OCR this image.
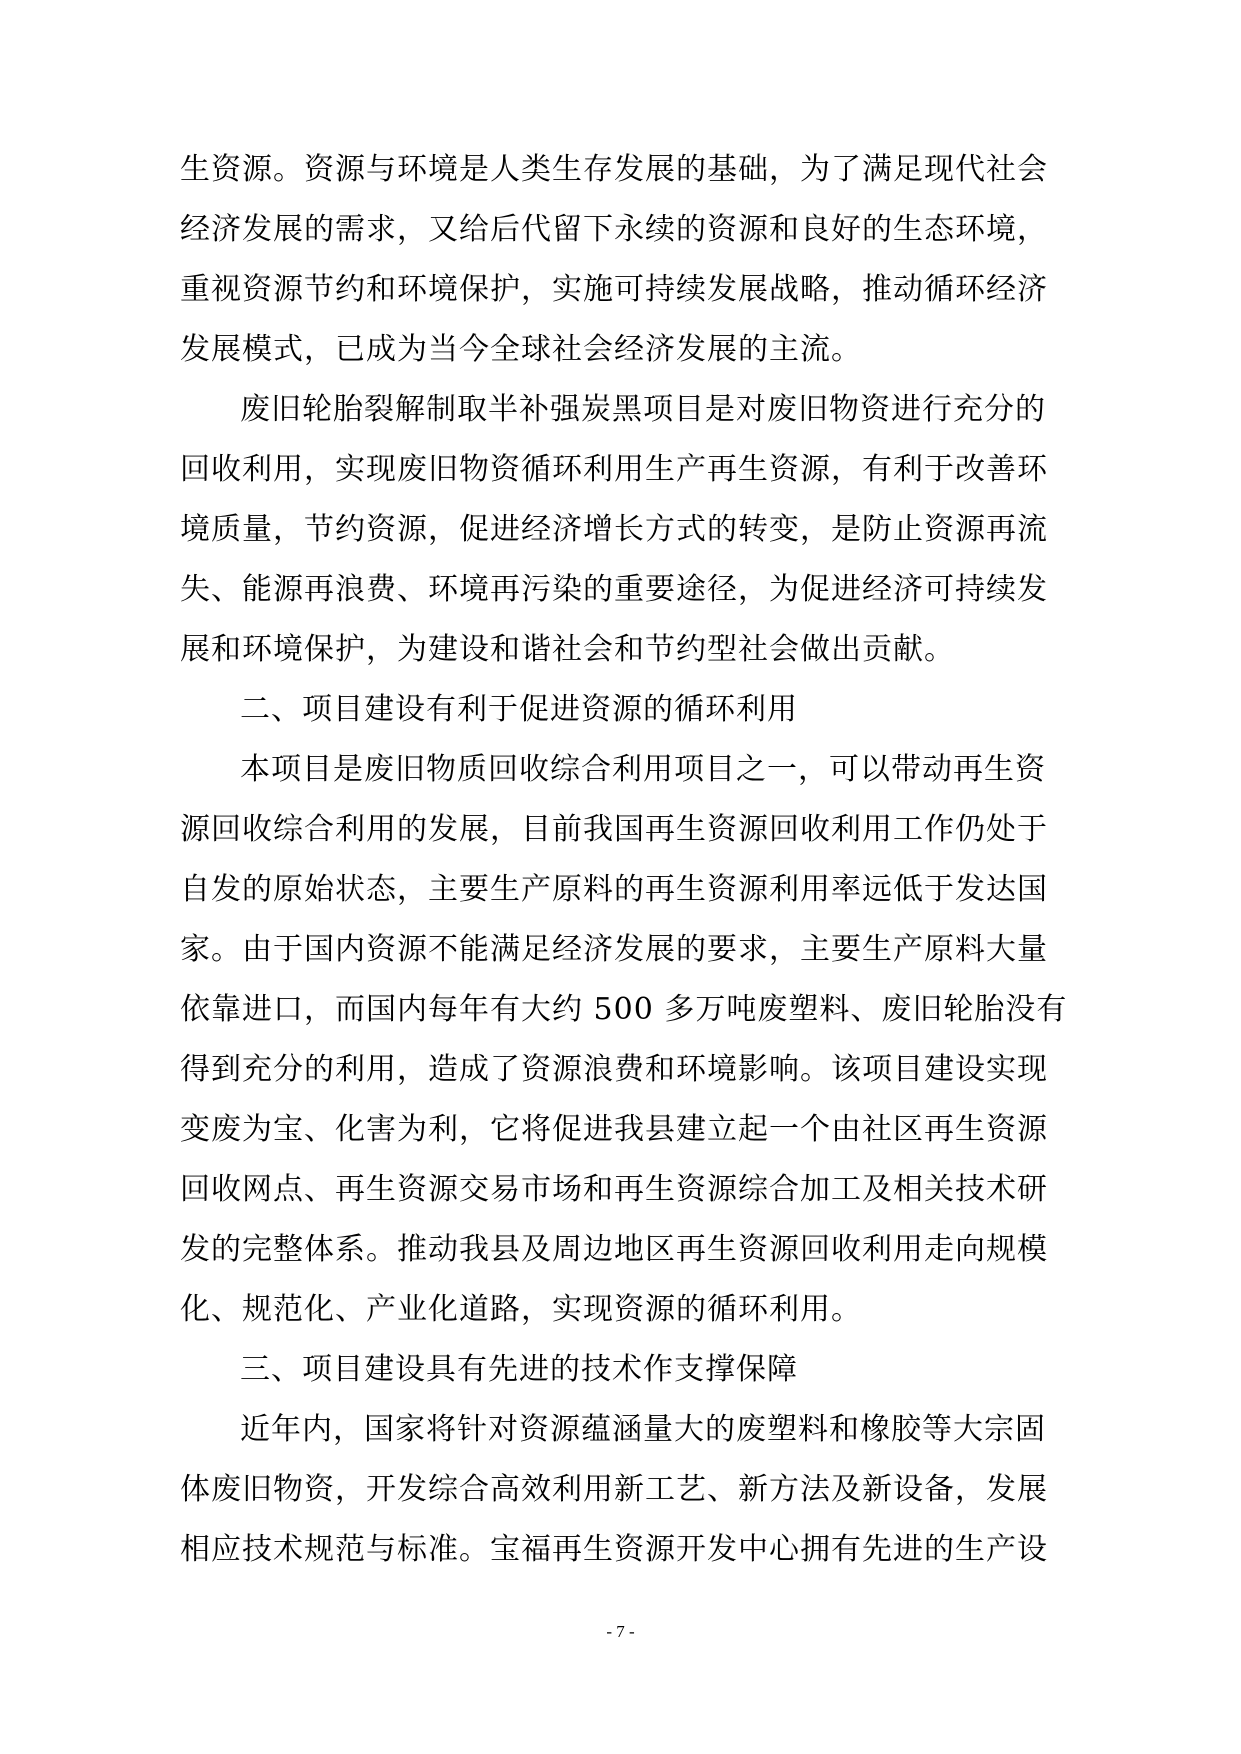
生资源。资源与环境是人类生存发展的基础，为了满足现代社会
经济发展的需求，又给后代留下永续的资源和良好的生态环境，
重视资源节约和环境保护，实施可持续发展战略，推动循环经济
发展模式，已成为当今全球社会经济发展的主流。
废旧轮胎裂解制取半补强炭黑项目是对废旧物资进行充分的
回收利用，实现废旧物资循环利用生产再生资源，有利于改善环
境质量，节约资源，促进经济增长方式的转变，是防止资源再流
失、能源再浪费、环境再污染的重要途径，为促进经济可持续发
展和环境保护，为建设和谐社会和节约型社会做出贡献。
二、项目建设有利于促进资源的循环利用
本项目是废旧物质回收综合利用项目之一，可以带动再生资
源回收综合利用的发展，目前我国再生资源回收利用工作仍处于
自发的原始状态，主要生产原料的再生资源利用率远低于发达国
家。由于国内资源不能满足经济发展的要求，主要生产原料大量
依靠进口，而国内每年有大约 500 多万吨废塑料、废旧轮胎没有
得到充分的利用，造成了资源浪费和环境影响。该项目建设实现
变废为宝、化害为利，它将促进我县建立起一个由社区再生资源
回收网点、再生资源交易市场和再生资源综合加工及相关技术研
发的完整体系。推动我县及周边地区再生资源回收利用走向规模
化、规范化、产业化道路，实现资源的循环利用。
三、项目建设具有先进的技术作支撑保障
近年内，国家将针对资源蕴涵量大的废塑料和橡胶等大宗固
体废旧物资，开发综合高效利用新工艺、新方法及新设备，发展
相应技术规范与标准。宝福再生资源开发中心拥有先进的生产设
- 7 -
